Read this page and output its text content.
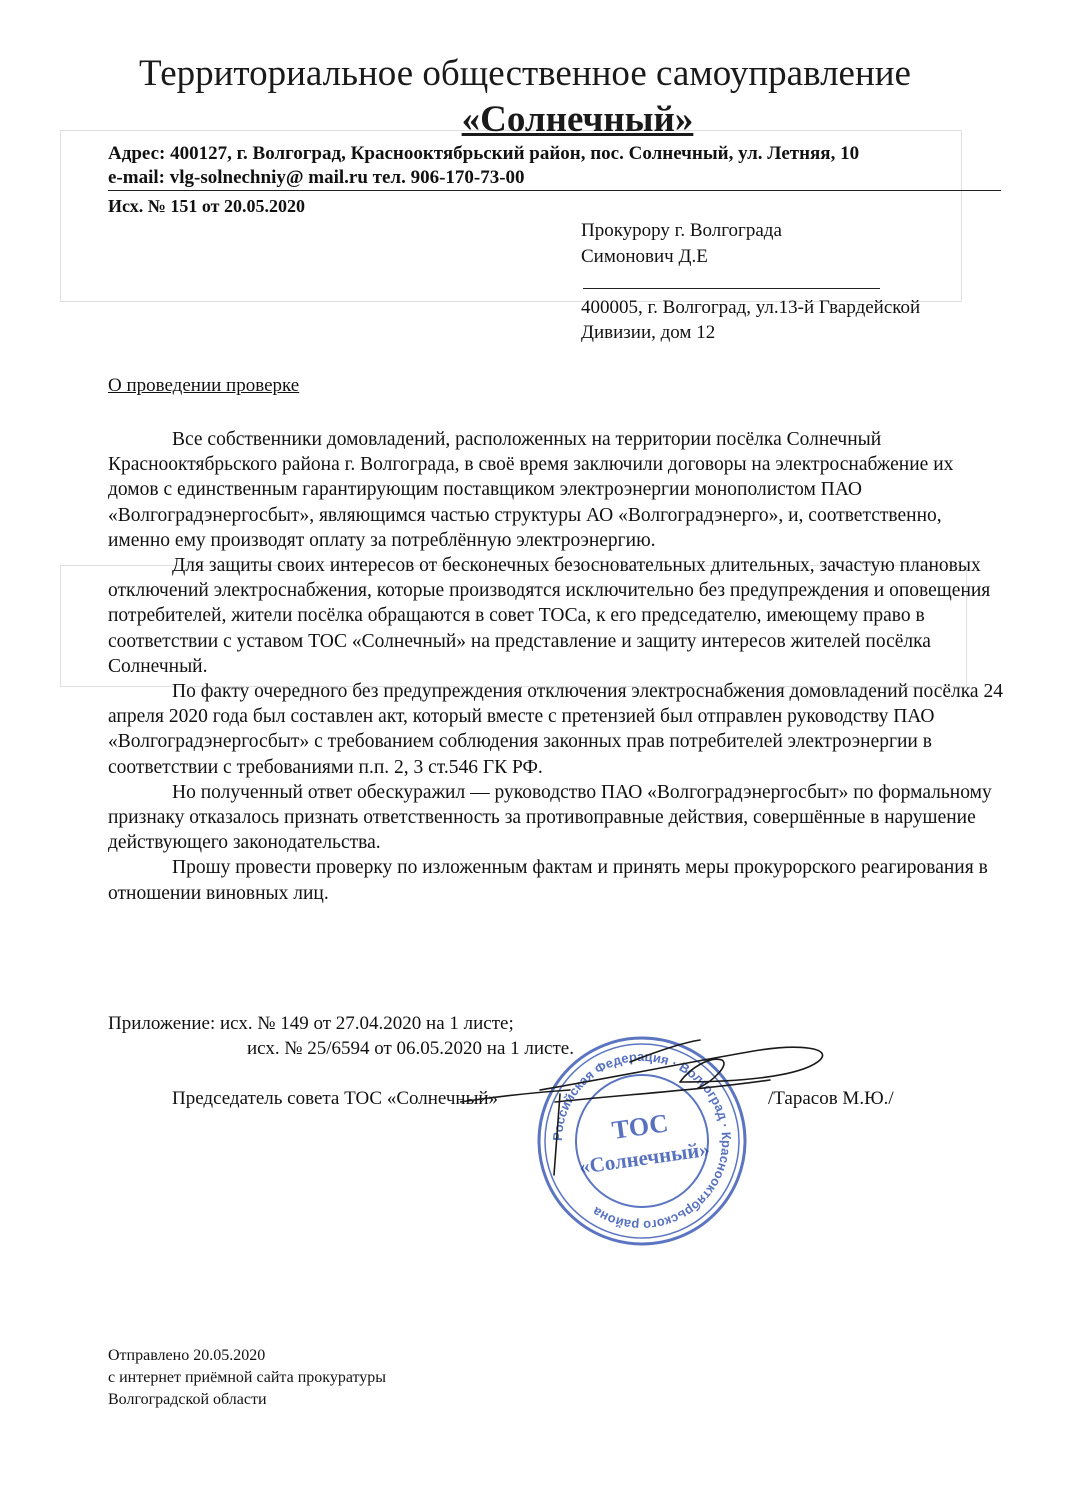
Территориальное общественное самоуправление
«Солнечный»
Адрес: 400127, г. Волгоград, Краснооктябрьский район, пос. Солнечный, ул. Летняя, 10
e-mail: vlg-solnechniy@ mail.ru тел. 906-170-73-00
Исх. № 151 от 20.05.2020
Прокурору г. Волгограда
Симонович Д.Е
400005, г. Волгоград, ул.13-й Гвардейской
Дивизии, дом 12
О проведении проверке

Все собственники домовладений, расположенных на территории посёлка Солнечный Краснооктябрьского района г. Волгограда, в своё время заключили договоры на электроснабжение их домов с единственным гарантирующим поставщиком электроэнергии монополистом ПАО «Волгоградэнергосбыт», являющимся частью структуры АО «Волгоградэнерго», и, соответственно, именно ему производят оплату за потреблённую электроэнергию.

Для защиты своих интересов от бесконечных безосновательных длительных, зачастую плановых отключений электроснабжения, которые производятся исключительно без предупреждения и оповещения потребителей, жители посёлка обращаются в совет ТОСа, к его председателю, имеющему право в соответствии с уставом ТОС «Солнечный» на представление и защиту интересов жителей посёлка Солнечный.

По факту очередного без предупреждения отключения электроснабжения домовладений посёлка 24 апреля 2020 года был составлен акт, который вместе с претензией был отправлен руководству ПАО «Волгоградэнергосбыт» с требованием соблюдения законных прав потребителей электроэнергии в соответствии с требованиями п.п. 2, 3 ст.546 ГК РФ.

Но полученный ответ обескуражил — руководство ПАО «Волгоградэнергосбыт» по формальному признаку отказалось признать ответственность за противоправные действия, совершённые в нарушение действующего законодательства.

Прошу провести проверку по изложенным фактам и принять меры прокурорского реагирования в отношении виновных лиц.

Приложение: исх. № 149 от 27.04.2020 на 1 листе;
исх. № 25/6594 от 06.05.2020 на 1 листе.
Председатель совета ТОС «Солнечный»	/Тарасов М.Ю./
Российская Федерация · Волгоград · Краснооктябрьского района
ТОС
«Солнечный»
Отправлено 20.05.2020
с интернет приёмной сайта прокуратуры
Волгоградской области
